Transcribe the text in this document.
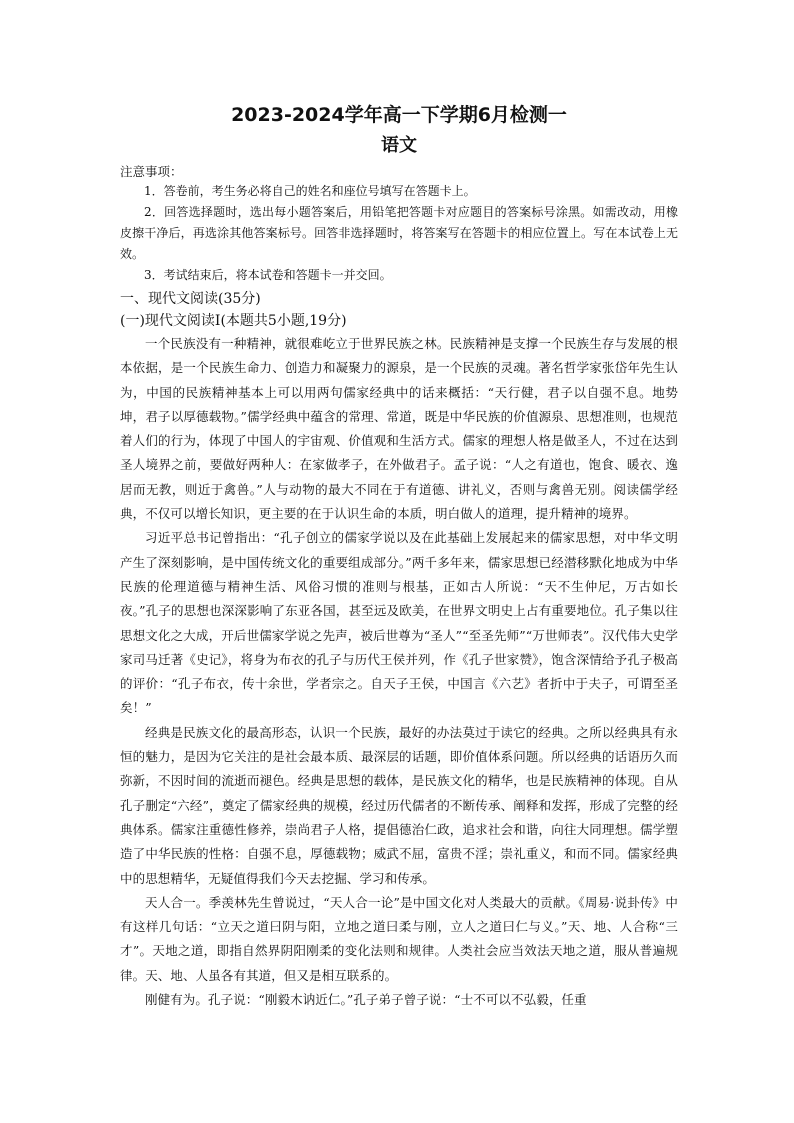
2023-2024学年高一下学期6月检测一
语文
注意事项：

1．答卷前，考生务必将自己的姓名和座位号填写在答题卡上。

2．回答选择题时，选出每小题答案后，用铅笔把答题卡对应题目的答案标号涂黑。如需改动，用橡皮擦干净后，再选涂其他答案标号。回答非选择题时，将答案写在答题卡的相应位置上。写在本试卷上无效。

3．考试结束后，将本试卷和答题卡一并交回。

一、现代文阅读(35分)
(一)现代文阅读Ⅰ(本题共5小题,19分)

一个民族没有一种精神，就很难屹立于世界民族之林。民族精神是支撑一个民族生存与发展的根本依据，是一个民族生命力、创造力和凝聚力的源泉，是一个民族的灵魂。著名哲学家张岱年先生认为，中国的民族精神基本上可以用两句儒家经典中的话来概括：“天行健，君子以自强不息。地势坤，君子以厚德载物。”儒学经典中蕴含的常理、常道，既是中华民族的价值源泉、思想准则，也规范着人们的行为，体现了中国人的宇宙观、价值观和生活方式。儒家的理想人格是做圣人，不过在达到圣人境界之前，要做好两种人：在家做孝子，在外做君子。孟子说：“人之有道也，饱食、暖衣、逸居而无教，则近于禽兽。”人与动物的最大不同在于有道德、讲礼义，否则与禽兽无别。阅读儒学经典，不仅可以增长知识，更主要的在于认识生命的本质，明白做人的道理，提升精神的境界。

习近平总书记曾指出：“孔子创立的儒家学说以及在此基础上发展起来的儒家思想，对中华文明产生了深刻影响，是中国传统文化的重要组成部分。”两千多年来，儒家思想已经潜移默化地成为中华民族的伦理道德与精神生活、风俗习惯的准则与根基，正如古人所说：“天不生仲尼，万古如长夜。”孔子的思想也深深影响了东亚各国，甚至远及欧美，在世界文明史上占有重要地位。孔子集以往思想文化之大成，开后世儒家学说之先声，被后世尊为“圣人”“至圣先师”“万世师表”。汉代伟大史学家司马迁著《史记》，将身为布衣的孔子与历代王侯并列，作《孔子世家赞》，饱含深情给予孔子极高的评价：“孔子布衣，传十余世，学者宗之。自天子王侯，中国言《六艺》者折中于夫子，可谓至圣矣！”

经典是民族文化的最高形态，认识一个民族，最好的办法莫过于读它的经典。之所以经典具有永恒的魅力，是因为它关注的是社会最本质、最深层的话题，即价值体系问题。所以经典的话语历久而弥新，不因时间的流逝而褪色。经典是思想的载体，是民族文化的精华，也是民族精神的体现。自从孔子删定“六经”，奠定了儒家经典的规模，经过历代儒者的不断传承、阐释和发挥，形成了完整的经典体系。儒家注重德性修养，崇尚君子人格，提倡德治仁政，追求社会和谐，向往大同理想。儒学塑造了中华民族的性格：自强不息，厚德载物；威武不屈，富贵不淫；崇礼重义，和而不同。儒家经典中的思想精华，无疑值得我们今天去挖掘、学习和传承。

天人合一。季羡林先生曾说过，“天人合一论”是中国文化对人类最大的贡献。《周易·说卦传》中有这样几句话：“立天之道曰阴与阳，立地之道曰柔与刚，立人之道曰仁与义。”天、地、人合称“三才”。天地之道，即指自然界阴阳刚柔的变化法则和规律。人类社会应当效法天地之道，服从普遍规律。天、地、人虽各有其道，但又是相互联系的。

刚健有为。孔子说：“刚毅木讷近仁。”孔子弟子曾子说：“士不可以不弘毅，任重
